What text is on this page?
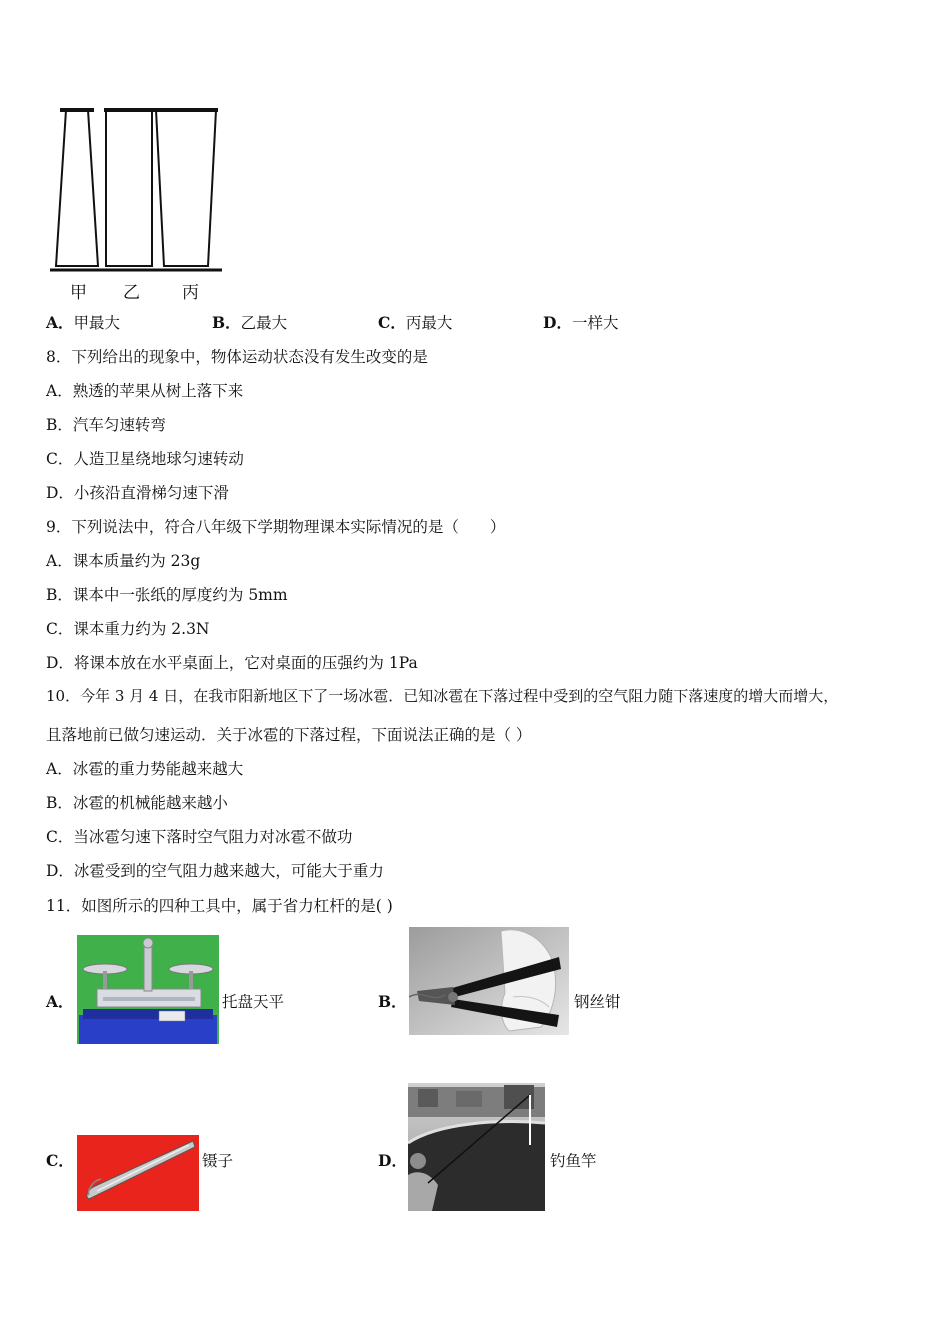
甲 乙 丙
A．甲最大	B．乙最大	C．丙最大	D．一样大
8．下列给出的现象中，物体运动状态没有发生改变的是
A．熟透的苹果从树上落下来
B．汽车匀速转弯
C．人造卫星绕地球匀速转动
D．小孩沿直滑梯匀速下滑
9．下列说法中，符合八年级下学期物理课本实际情况的是（　　）
A．课本质量约为 23g
B．课本中一张纸的厚度约为 5mm
C．课本重力约为 2.3N
D．将课本放在水平桌面上，它对桌面的压强约为 1Pa
10．今年 3 月 4 日，在我市阳新地区下了一场冰雹．已知冰雹在下落过程中受到的空气阻力随下落速度的增大而增大，
且落地前已做匀速运动．关于冰雹的下落过程，下面说法正确的是（ ）
A．冰雹的重力势能越来越大
B．冰雹的机械能越来越小
C．当冰雹匀速下落时空气阻力对冰雹不做功
D．冰雹受到的空气阻力越来越大，可能大于重力
11．如图所示的四种工具中，属于省力杠杆的是( )
A．	托盘天平	B．	钢丝钳
C．	镊子	D．	钓鱼竿
